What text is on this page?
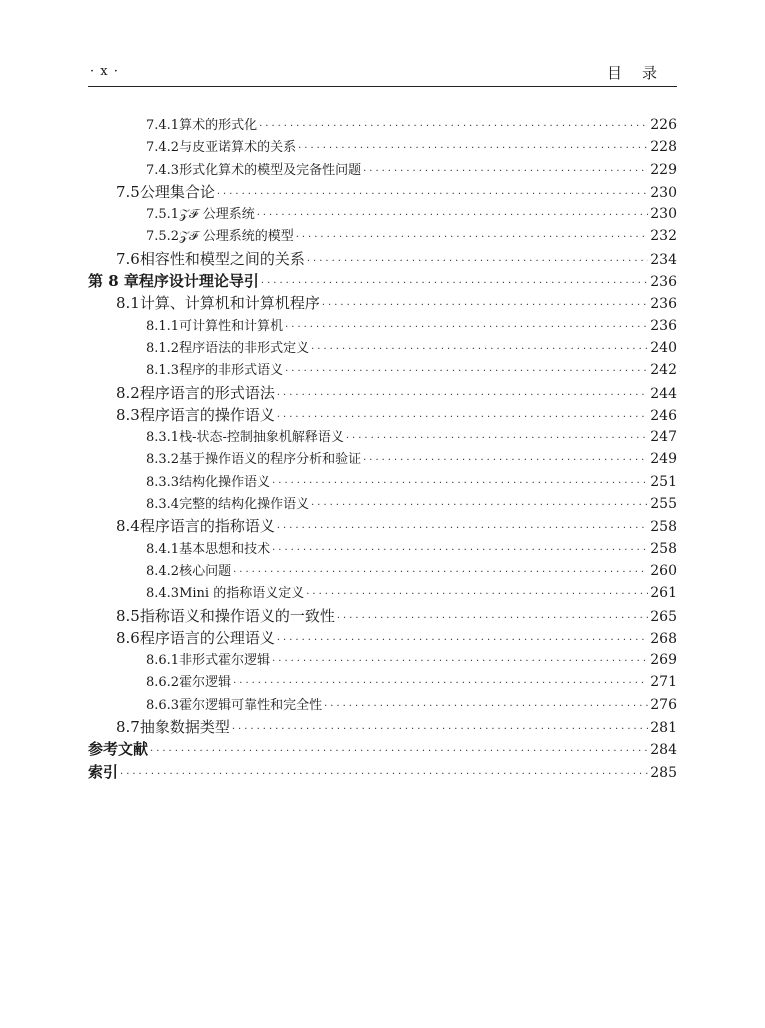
· x ·	目录
7.4.1 算术的形式化 ·····	226
7.4.2 与皮亚诺算术的关系 ·····	228
7.4.3 形式化算术的模型及完备性问题 ·····	229
7.5 公理集合论 ·····	230
7.5.1 𝒵ℱ 公理系统 ·····	230
7.5.2 𝒵ℱ 公理系统的模型 ·····	232
7.6 相容性和模型之间的关系 ·····	234
第 8 章 程序设计理论导引 ·····	236
8.1 计算、计算机和计算机程序 ·····	236
8.1.1 可计算性和计算机 ·····	236
8.1.2 程序语法的非形式定义 ·····	240
8.1.3 程序的非形式语义 ·····	242
8.2 程序语言的形式语法 ·····	244
8.3 程序语言的操作语义 ·····	246
8.3.1 栈-状态-控制抽象机解释语义 ·····	247
8.3.2 基于操作语义的程序分析和验证 ·····	249
8.3.3 结构化操作语义 ·····	251
8.3.4 完整的结构化操作语义 ·····	255
8.4 程序语言的指称语义 ·····	258
8.4.1 基本思想和技术 ·····	258
8.4.2 核心问题 ·····	260
8.4.3 Mini 的指称语义定义 ·····	261
8.5 指称语义和操作语义的一致性 ·····	265
8.6 程序语言的公理语义 ·····	268
8.6.1 非形式霍尔逻辑 ·····	269
8.6.2 霍尔逻辑 ·····	271
8.6.3 霍尔逻辑可靠性和完全性 ·····	276
8.7 抽象数据类型 ·····	281
参考文献 ·····	284
索引 ·····	285
